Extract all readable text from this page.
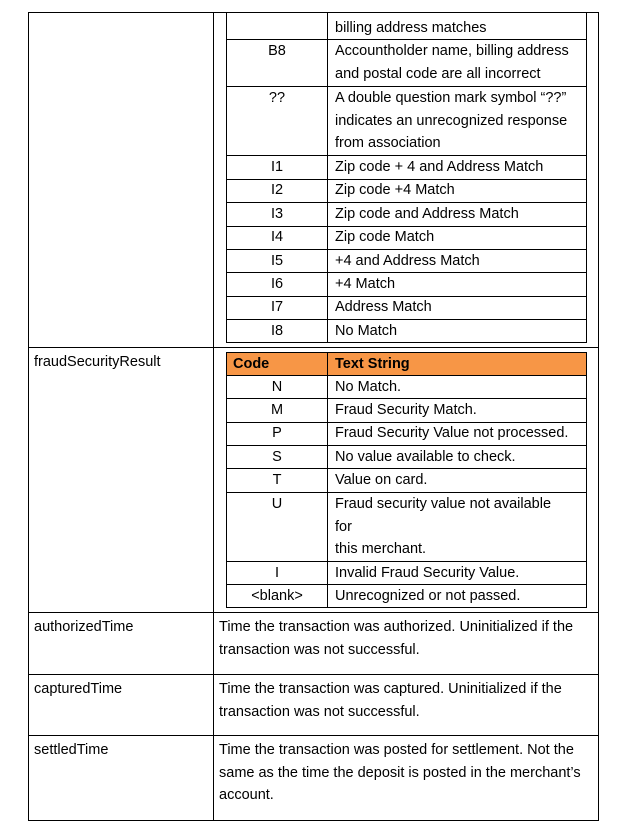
billing address matches
B8	Accountholder name, billing address
and postal code are all incorrect
??	A double question mark symbol “??”
indicates an unrecognized response
from association
I1	Zip code + 4 and Address Match
I2	Zip code +4 Match
I3	Zip code and Address Match
I4	Zip code Match
I5	+4 and Address Match
I6	+4 Match
I7	Address Match
I8	No Match
fraudSecurityResult	Code	Text String
N	No Match.
M	Fraud Security Match.
P	Fraud Security Value not processed.
S	No value available to check.
T	Value on card.
U	Fraud security value not available
for
this merchant.
I	Invalid Fraud Security Value.
<blank>	Unrecognized or not passed.
authorizedTime	Time the transaction was authorized. Uninitialized if the
transaction was not successful.
capturedTime	Time the transaction was captured. Uninitialized if the
transaction was not successful.
settledTime	Time the transaction was posted for settlement. Not the
same as the time the deposit is posted in the merchant’s
account.
